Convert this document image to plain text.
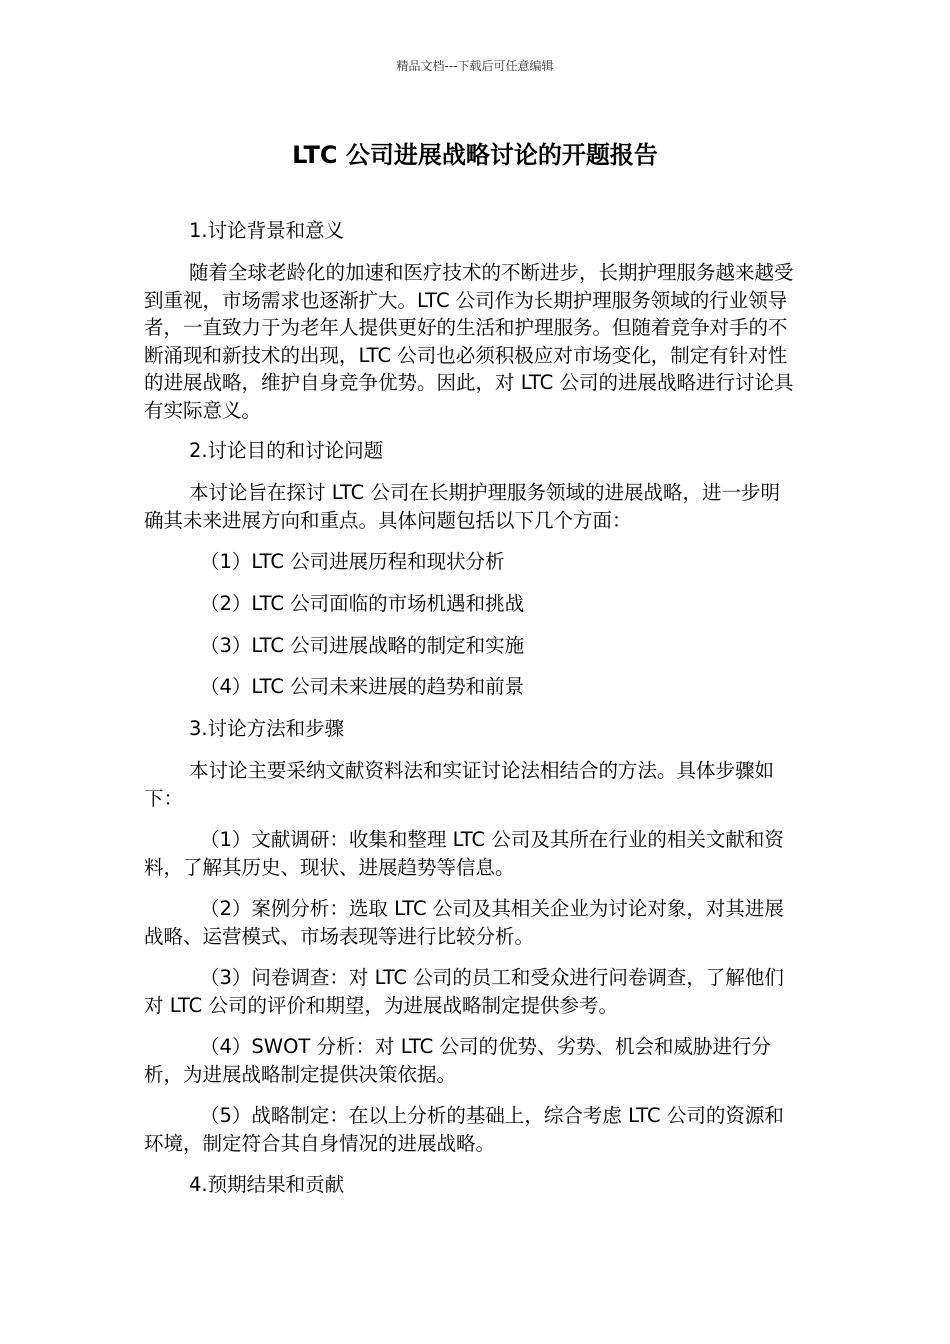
精品文档---下载后可任意编辑
LTC 公司进展战略讨论的开题报告

1.讨论背景和意义

随着全球老龄化的加速和医疗技术的不断进步，长期护理服务越来越受到重视，市场需求也逐渐扩大。LTC 公司作为长期护理服务领域的行业领导者，一直致力于为老年人提供更好的生活和护理服务。但随着竞争对手的不断涌现和新技术的出现，LTC 公司也必须积极应对市场变化，制定有针对性的进展战略，维护自身竞争优势。因此，对 LTC 公司的进展战略进行讨论具有实际意义。

2.讨论目的和讨论问题

本讨论旨在探讨 LTC 公司在长期护理服务领域的进展战略，进一步明确其未来进展方向和重点。具体问题包括以下几个方面：

（1）LTC 公司进展历程和现状分析

（2）LTC 公司面临的市场机遇和挑战

（3）LTC 公司进展战略的制定和实施

（4）LTC 公司未来进展的趋势和前景

3.讨论方法和步骤

本讨论主要采纳文献资料法和实证讨论法相结合的方法。具体步骤如下：

（1）文献调研：收集和整理 LTC 公司及其所在行业的相关文献和资料，了解其历史、现状、进展趋势等信息。

（2）案例分析：选取 LTC 公司及其相关企业为讨论对象，对其进展战略、运营模式、市场表现等进行比较分析。

（3）问卷调查：对 LTC 公司的员工和受众进行问卷调查，了解他们对 LTC 公司的评价和期望，为进展战略制定提供参考。

（4）SWOT 分析：对 LTC 公司的优势、劣势、机会和威胁进行分析，为进展战略制定提供决策依据。

（5）战略制定：在以上分析的基础上，综合考虑 LTC 公司的资源和环境，制定符合其自身情况的进展战略。

4.预期结果和贡献
